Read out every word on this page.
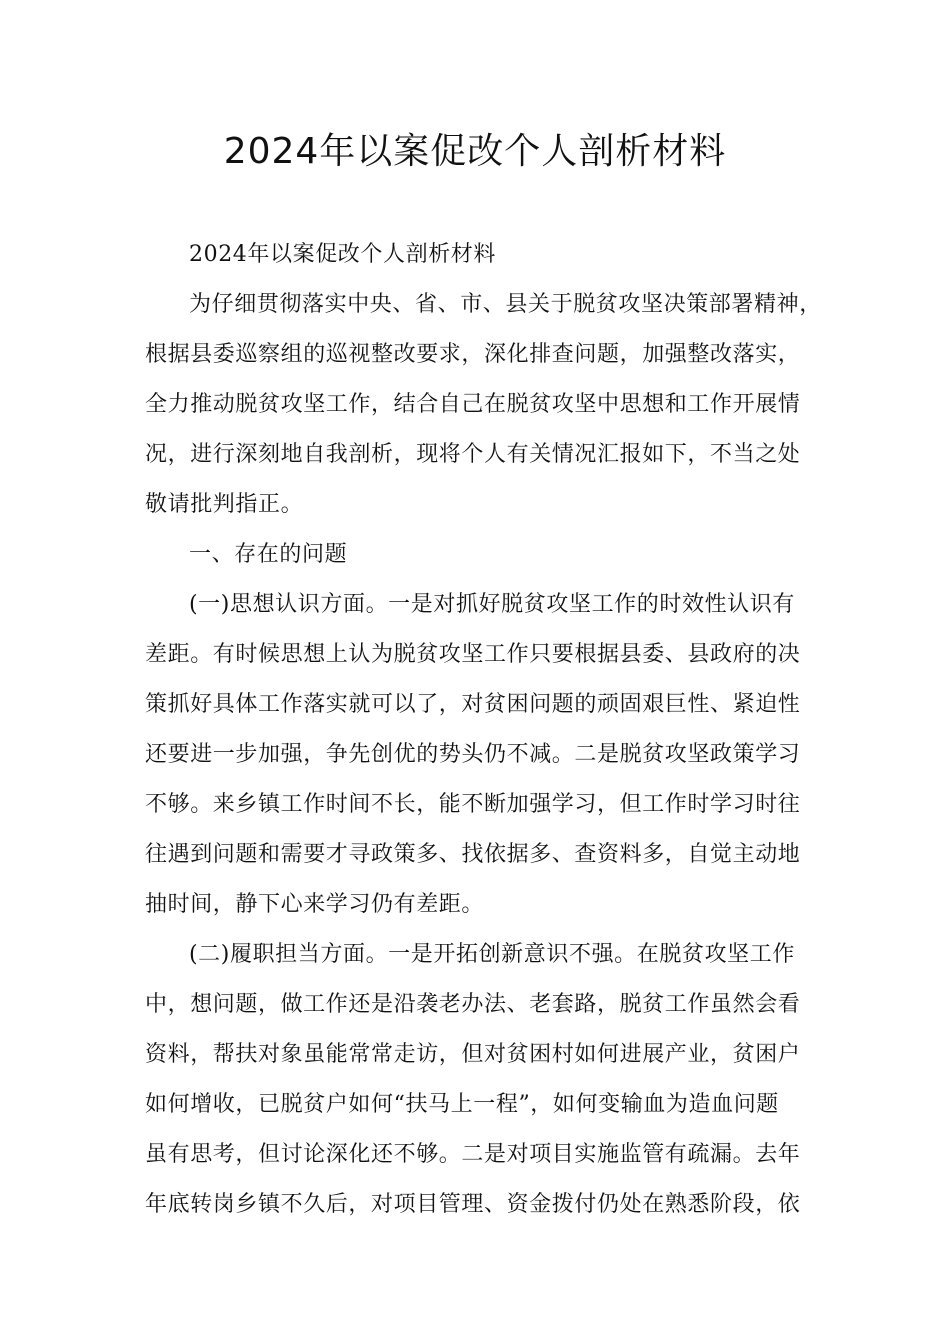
2024年以案促改个人剖析材料

2024年以案促改个人剖析材料

为仔细贯彻落实中央、省、市、县关于脱贫攻坚决策部署精神，
根据县委巡察组的巡视整改要求，深化排查问题，加强整改落实，
全力推动脱贫攻坚工作，结合自己在脱贫攻坚中思想和工作开展情
况，进行深刻地自我剖析，现将个人有关情况汇报如下，不当之处
敬请批判指正。

一、存在的问题

(一)思想认识方面。一是对抓好脱贫攻坚工作的时效性认识有
差距。有时候思想上认为脱贫攻坚工作只要根据县委、县政府的决
策抓好具体工作落实就可以了，对贫困问题的顽固艰巨性、紧迫性
还要进一步加强，争先创优的势头仍不减。二是脱贫攻坚政策学习
不够。来乡镇工作时间不长，能不断加强学习，但工作时学习时往
往遇到问题和需要才寻政策多、找依据多、查资料多，自觉主动地
抽时间，静下心来学习仍有差距。

(二)履职担当方面。一是开拓创新意识不强。在脱贫攻坚工作
中，想问题，做工作还是沿袭老办法、老套路，脱贫工作虽然会看
资料，帮扶对象虽能常常走访，但对贫困村如何进展产业，贫困户
如何增收，已脱贫户如何“扶马上一程”，如何变输血为造血问题
虽有思考，但讨论深化还不够。二是对项目实施监管有疏漏。去年
年底转岗乡镇不久后，对项目管理、资金拨付仍处在熟悉阶段，依
